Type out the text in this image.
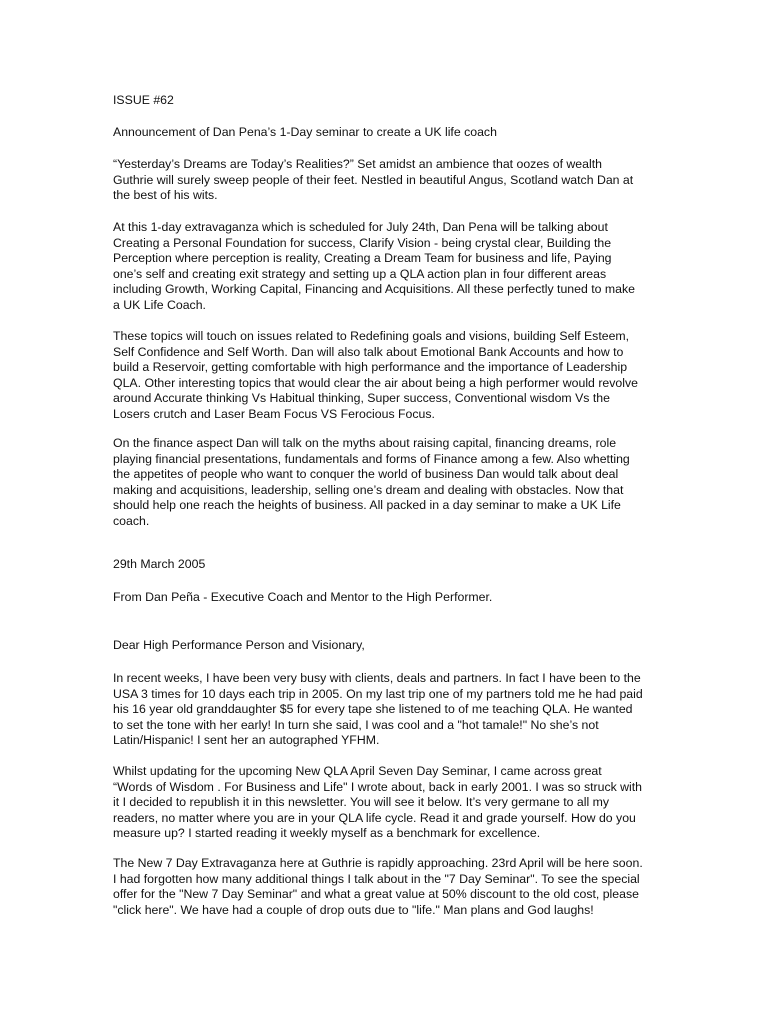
ISSUE #62

Announcement of Dan Pena’s 1-Day seminar to create a UK life coach

“Yesterday’s Dreams are Today’s Realities?” Set amidst an ambience that oozes of wealth
Guthrie will surely sweep people of their feet. Nestled in beautiful Angus, Scotland watch Dan at
the best of his wits.

At this 1-day extravaganza which is scheduled for July 24th, Dan Pena will be talking about
Creating a Personal Foundation for success, Clarify Vision - being crystal clear, Building the
Perception where perception is reality, Creating a Dream Team for business and life, Paying
one’s self and creating exit strategy and setting up a QLA action plan in four different areas
including Growth, Working Capital, Financing and Acquisitions. All these perfectly tuned to make
a UK Life Coach.

These topics will touch on issues related to Redefining goals and visions, building Self Esteem,
Self Confidence and Self Worth. Dan will also talk about Emotional Bank Accounts and how to
build a Reservoir, getting comfortable with high performance and the importance of Leadership
QLA. Other interesting topics that would clear the air about being a high performer would revolve
around Accurate thinking Vs Habitual thinking, Super success, Conventional wisdom Vs the
Losers crutch and Laser Beam Focus VS Ferocious Focus.

On the finance aspect Dan will talk on the myths about raising capital, financing dreams, role
playing financial presentations, fundamentals and forms of Finance among a few. Also whetting
the appetites of people who want to conquer the world of business Dan would talk about deal
making and acquisitions, leadership, selling one’s dream and dealing with obstacles. Now that
should help one reach the heights of business. All packed in a day seminar to make a UK Life
coach.

29th March 2005

From Dan Peña - Executive Coach and Mentor to the High Performer.

Dear High Performance Person and Visionary,

In recent weeks, I have been very busy with clients, deals and partners. In fact I have been to the
USA 3 times for 10 days each trip in 2005. On my last trip one of my partners told me he had paid
his 16 year old granddaughter $5 for every tape she listened to of me teaching QLA. He wanted
to set the tone with her early! In turn she said, I was cool and a "hot tamale!" No she’s not
Latin/Hispanic! I sent her an autographed YFHM.

Whilst updating for the upcoming New QLA April Seven Day Seminar, I came across great
“Words of Wisdom . For Business and Life" I wrote about, back in early 2001. I was so struck with
it I decided to republish it in this newsletter. You will see it below. It’s very germane to all my
readers, no matter where you are in your QLA life cycle. Read it and grade yourself. How do you
measure up? I started reading it weekly myself as a benchmark for excellence.

The New 7 Day Extravaganza here at Guthrie is rapidly approaching. 23rd April will be here soon.
I had forgotten how many additional things I talk about in the "7 Day Seminar". To see the special
offer for the "New 7 Day Seminar" and what a great value at 50% discount to the old cost, please
"click here". We have had a couple of drop outs due to "life." Man plans and God laughs!
